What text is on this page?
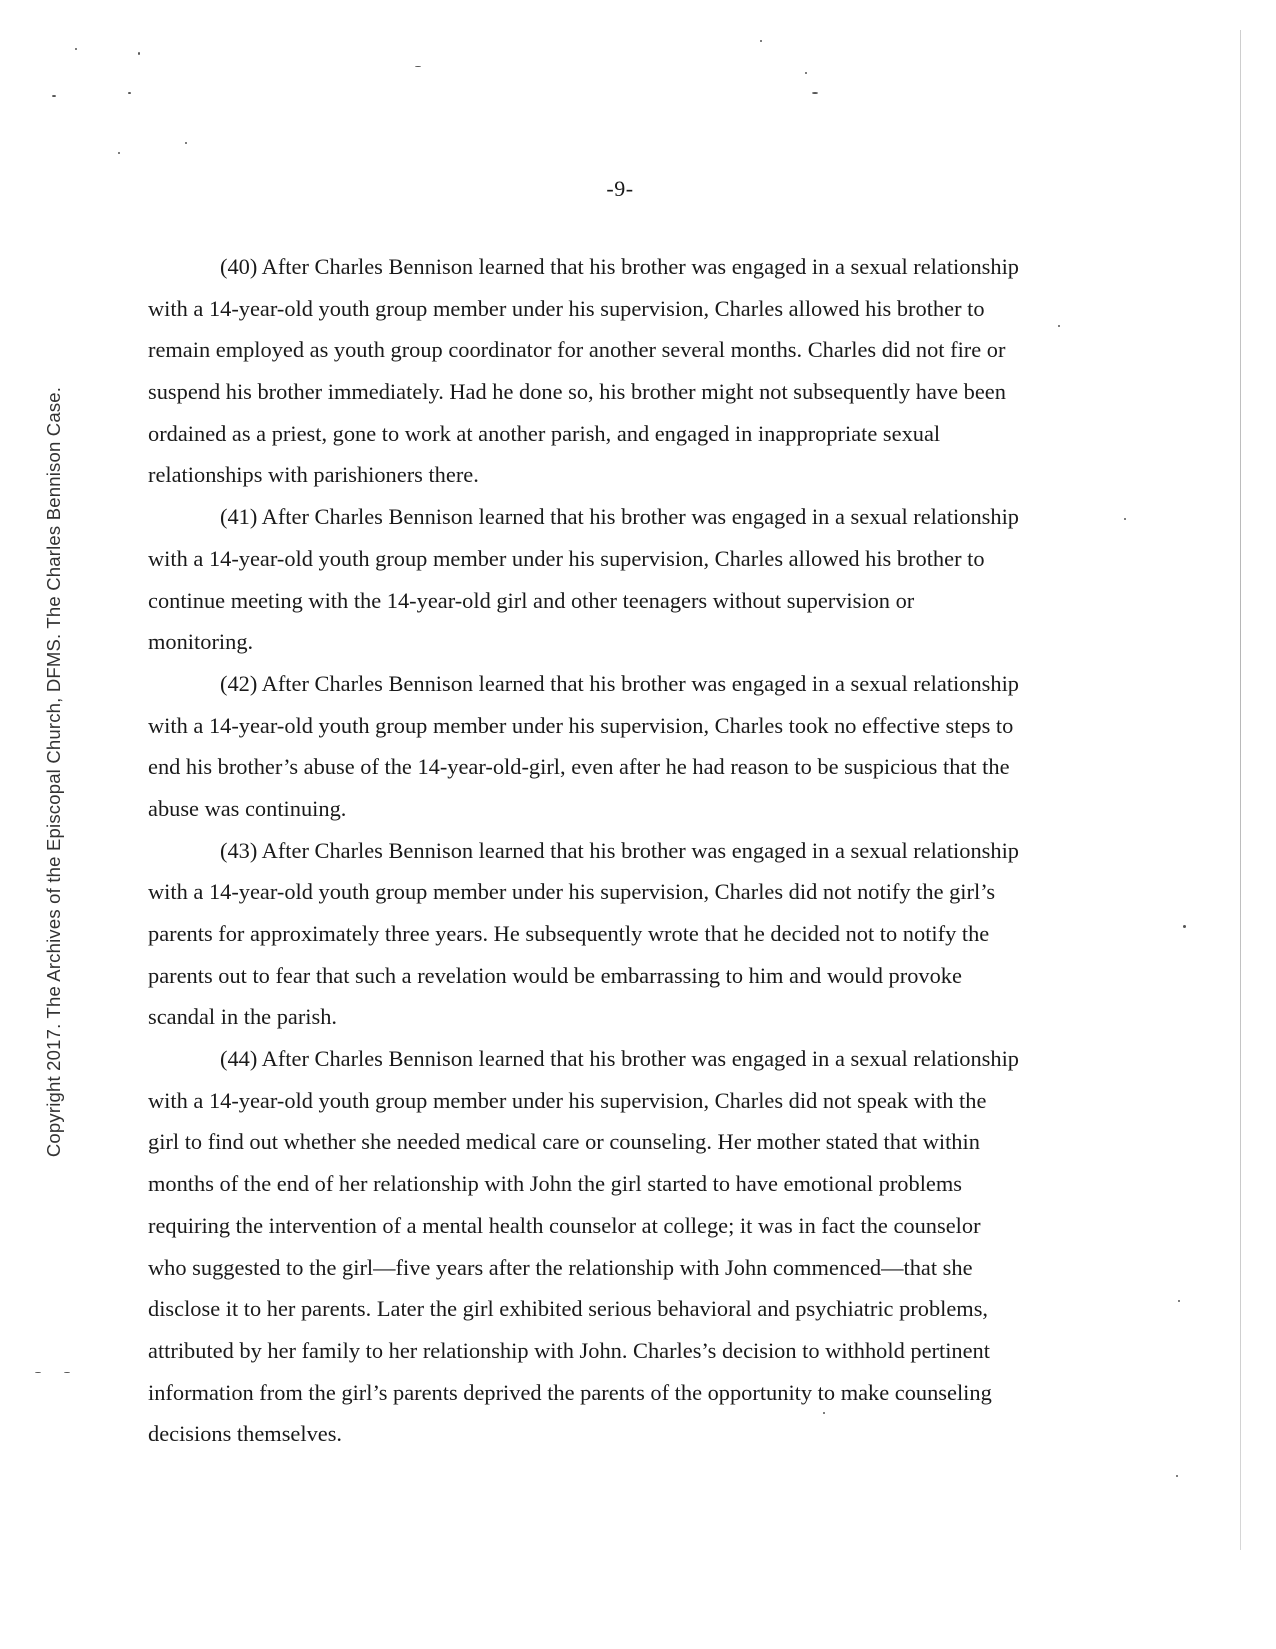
Copyright 2017. The Archives of the Episcopal Church, DFMS. The Charles Bennison Case.
-9-
(40) After Charles Bennison learned that his brother was engaged in a sexual relationship
with a 14-year-old youth group member under his supervision, Charles allowed his brother to
remain employed as youth group coordinator for another several months. Charles did not fire or
suspend his brother immediately. Had he done so, his brother might not subsequently have been
ordained as a priest, gone to work at another parish, and engaged in inappropriate sexual
relationships with parishioners there.
(41) After Charles Bennison learned that his brother was engaged in a sexual relationship
with a 14-year-old youth group member under his supervision, Charles allowed his brother to
continue meeting with the 14-year-old girl and other teenagers without supervision or
monitoring.
(42) After Charles Bennison learned that his brother was engaged in a sexual relationship
with a 14-year-old youth group member under his supervision, Charles took no effective steps to
end his brother’s abuse of the 14-year-old-girl, even after he had reason to be suspicious that the
abuse was continuing.
(43) After Charles Bennison learned that his brother was engaged in a sexual relationship
with a 14-year-old youth group member under his supervision, Charles did not notify the girl’s
parents for approximately three years. He subsequently wrote that he decided not to notify the
parents out to fear that such a revelation would be embarrassing to him and would provoke
scandal in the parish.
(44) After Charles Bennison learned that his brother was engaged in a sexual relationship
with a 14-year-old youth group member under his supervision, Charles did not speak with the
girl to find out whether she needed medical care or counseling. Her mother stated that within
months of the end of her relationship with John the girl started to have emotional problems
requiring the intervention of a mental health counselor at college; it was in fact the counselor
who suggested to the girl—five years after the relationship with John commenced—that she
disclose it to her parents. Later the girl exhibited serious behavioral and psychiatric problems,
attributed by her family to her relationship with John. Charles’s decision to withhold pertinent
information from the girl’s parents deprived the parents of the opportunity to make counseling
decisions themselves.
